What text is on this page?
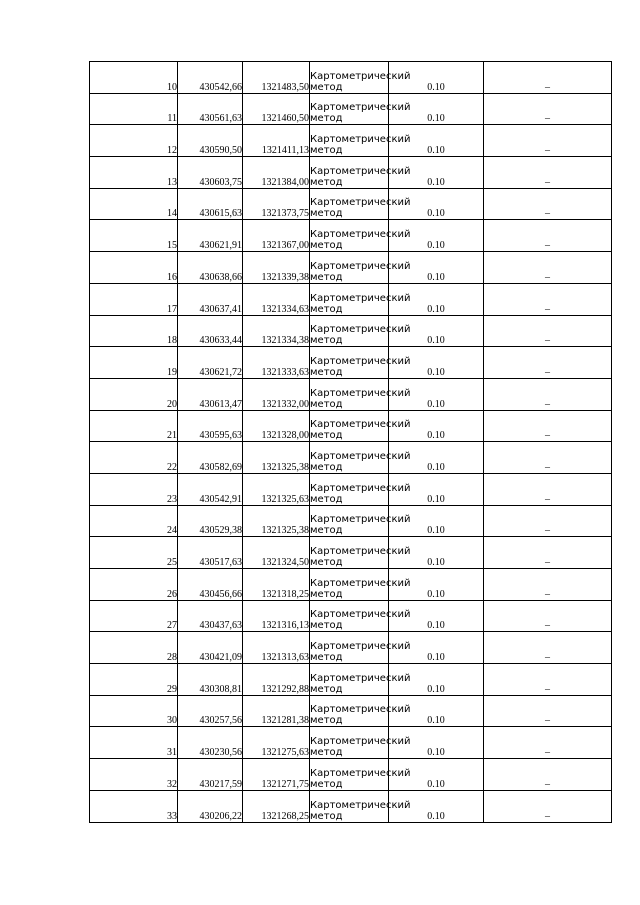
10	430542,66	1321483,50	Картометрический метод	0.10	–
11	430561,63	1321460,50	Картометрический метод	0.10	–
12	430590,50	1321411,13	Картометрический метод	0.10	–
13	430603,75	1321384,00	Картометрический метод	0.10	–
14	430615,63	1321373,75	Картометрический метод	0.10	–
15	430621,91	1321367,00	Картометрический метод	0.10	–
16	430638,66	1321339,38	Картометрический метод	0.10	–
17	430637,41	1321334,63	Картометрический метод	0.10	–
18	430633,44	1321334,38	Картометрический метод	0.10	–
19	430621,72	1321333,63	Картометрический метод	0.10	–
20	430613,47	1321332,00	Картометрический метод	0.10	–
21	430595,63	1321328,00	Картометрический метод	0.10	–
22	430582,69	1321325,38	Картометрический метод	0.10	–
23	430542,91	1321325,63	Картометрический метод	0.10	–
24	430529,38	1321325,38	Картометрический метод	0.10	–
25	430517,63	1321324,50	Картометрический метод	0.10	–
26	430456,66	1321318,25	Картометрический метод	0.10	–
27	430437,63	1321316,13	Картометрический метод	0.10	–
28	430421,09	1321313,63	Картометрический метод	0.10	–
29	430308,81	1321292,88	Картометрический метод	0.10	–
30	430257,56	1321281,38	Картометрический метод	0.10	–
31	430230,56	1321275,63	Картометрический метод	0.10	–
32	430217,59	1321271,75	Картометрический метод	0.10	–
33	430206,22	1321268,25	Картометрический метод	0.10	–
